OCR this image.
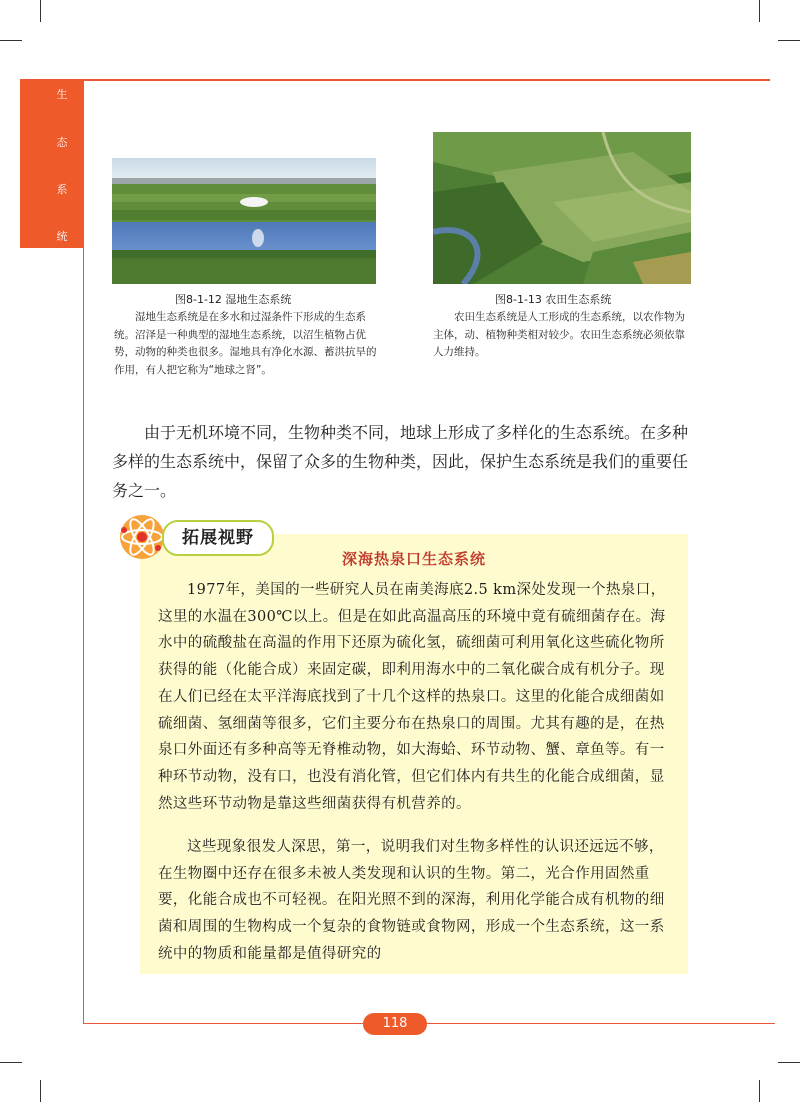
生
态
系
统
图8-1-12 湿地生态系统
湿地生态系统是在多水和过湿条件下形成的生态系统。沼泽是一种典型的湿地生态系统，以沼生植物占优势，动物的种类也很多。湿地具有净化水源、蓄洪抗旱的作用，有人把它称为“地球之肾”。
图8-1-13 农田生态系统
农田生态系统是人工形成的生态系统，以农作物为主体，动、植物种类相对较少。农田生态系统必须依靠人力维持。
由于无机环境不同，生物种类不同，地球上形成了多样化的生态系统。在多种多样的生态系统中，保留了众多的生物种类，因此，保护生态系统是我们的重要任务之一。
拓展视野
深海热泉口生态系统
1977年，美国的一些研究人员在南美海底2.5 km深处发现一个热泉口，这里的水温在300℃以上。但是在如此高温高压的环境中竟有硫细菌存在。海水中的硫酸盐在高温的作用下还原为硫化氢，硫细菌可利用氧化这些硫化物所获得的能（化能合成）来固定碳，即利用海水中的二氧化碳合成有机分子。现在人们已经在太平洋海底找到了十几个这样的热泉口。这里的化能合成细菌如硫细菌、氢细菌等很多，它们主要分布在热泉口的周围。尤其有趣的是，在热泉口外面还有多种高等无脊椎动物，如大海蛤、环节动物、蟹、章鱼等。有一种环节动物，没有口，也没有消化管，但它们体内有共生的化能合成细菌，显然这些环节动物是靠这些细菌获得有机营养的。
这些现象很发人深思，第一，说明我们对生物多样性的认识还远远不够，在生物圈中还存在很多未被人类发现和认识的生物。第二，光合作用固然重要，化能合成也不可轻视。在阳光照不到的深海，利用化学能合成有机物的细菌和周围的生物构成一个复杂的食物链或食物网，形成一个生态系统，这一系统中的物质和能量都是值得研究的
118
